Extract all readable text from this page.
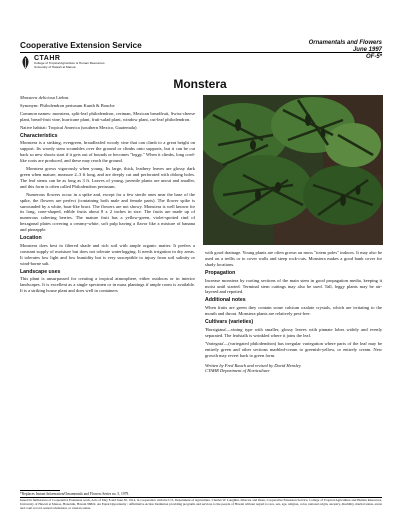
Cooperative Extension Service
CTAHR
College of Tropical Agriculture & Human Resources
University of Hawai'i at Manoa
Ornamentals and Flowers
June 1997
OF-5*
Monstera

Monstera deliciosa Liebm.

Synonym: Philodendron pertusum Kunth & Bouche

Common names: monstera, split-leaf philodendron, ceriman, Mexican breadfruit, Swiss-cheese plant, bread-fruit vine, hurricane plant, fruit-salad plant, window plant, cut-leaf philodendron.

Native habitat: Tropical America (southern Mexico, Guatemala)

Characteristics

Monstera is a striking, evergreen, broadleafed woody vine that can climb to a great height on support. Its woody stem scrambles over the ground or climbs onto supports, but it can be cut back so new shoots start if it gets out of bounds or becomes "leggy." When it climbs, long cord-like roots are produced, and these may reach the ground.

Monstera grows vigorously when young. Its large, thick, leathery leaves are glossy dark green when mature, measure 2–3 ft long, and are deeply cut and perforated with oblong holes. The leaf stems can be as long as 3 ft. Leaves of young, juvenile plants are uncut and smaller, and this form is often called Philodendron pertusum.

Numerous flowers occur in a spike and, except for a few sterile ones near the base of the spike, the flowers are perfect (containing both male and female parts). The flower spike is surrounded by a white, boat-like bract. The flowers are not showy. Monstera is well known for its long, cone-shaped, edible fruits about 8 x 2 inches in size. The fruits are made up of numerous cohering berries. The mature fruit has a yellow-green, violet-spotted rind of hexagonal plates covering a creamy-white, soft pulp having a flavor like a mixture of banana and pineapple.

Location

Monstera does best in filtered shade and rich soil with ample organic matter. It prefers a constant supply of moisture but does not tolerate waterlogging. It needs irrigation in dry areas. It tolerates low light and low humidity but is very susceptible to injury from soil salinity or wind-borne salt.

Landscape uses

This plant is unsurpassed for creating a tropical atmosphere, either outdoors or in interior landscapes. It is excellent as a single specimen or in mass plantings if ample room is available. It is a striking house plant and does well in containers

with good drainage. Young plants are often grown on moss "totem poles" indoors. It may also be used on a trellis or to cover walls and steep rock-cuts. Monstera makes a good bank cover for shady locations.

Propagation

Increase monstera by rooting sections of the main stem in good propagation media, keeping it moist until started. Terminal stem cuttings may also be used. Tall, leggy plants may be air-layered and repotted.

Additional notes

When fruits are green they contain some calcium oxalate crystals, which are irritating to the mouth and throat. Monstera plants are relatively pest-free.

Cultivars (varieties)

'Borsigiana'—vining type with smaller, glossy leaves with pinnate lobes widely and evenly separated. The leafstalk is wrinkled where it joins the leaf.

'Variegata'—(variegated philodendron) has irregular variegation where parts of the leaf may be entirely green and other sections marbled-cream to greenish-yellow, or entirely cream. New growth may revert back to green form.

Written by Fred Rauch and revised by David Hensley
CTAHR Department of Horticulture
*Replaces Instant Information/Ornamentals and Flowers Series no. 5, 1979.
Issued in furtherance of Cooperative Extension work, Acts of May 8 and June 30, 1914, in cooperation with the U.S. Department of Agriculture. Charles W. Laughlin, Director and Dean, Cooperative Extension Service, College of Tropical Agriculture and Human Resources, University of Hawaii at Manoa, Honolulu, Hawaii 96822. An Equal Opportunity / Affirmative Action Institution providing programs and services to the people of Hawaii without regard to race, sex, age, religion, color, national origin, ancestry, disability, marital status, arrest and court record, sexual orientation, or veteran status.
